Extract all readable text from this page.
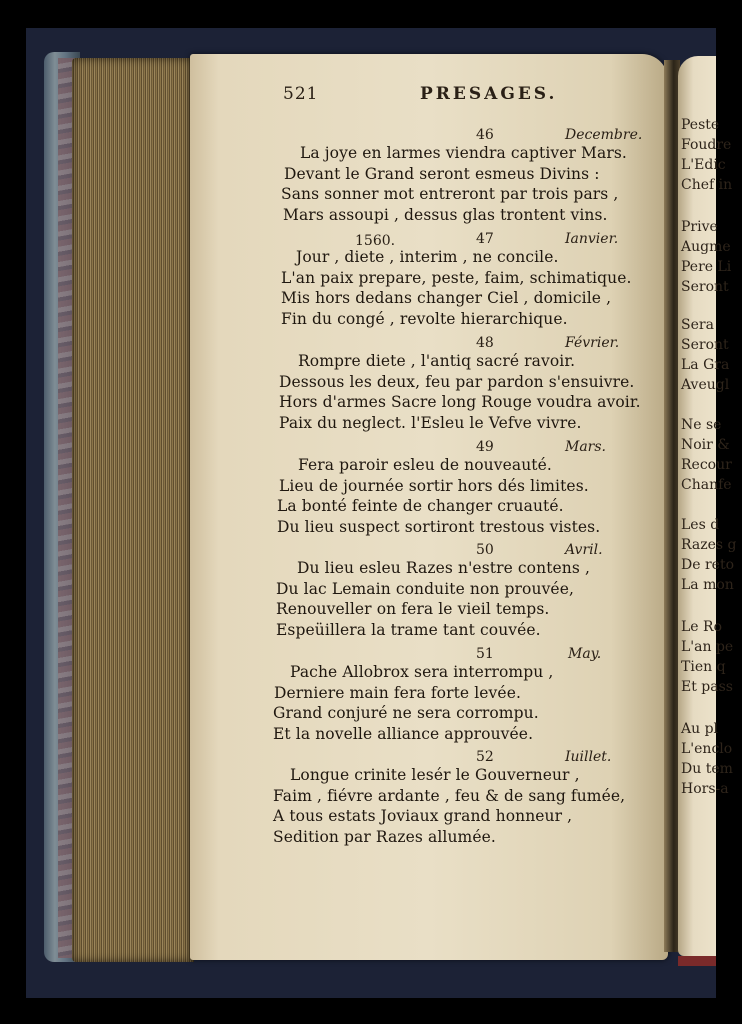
Peste
Foudre
L'Edic
Chef in
Prive
Augme
Pere Li
Seront
Sera
Seront
La Gra
Aveugl
Ne se
Noir &
Recour
Chanfe
Les d
Razes g
De reto
La mon
Le Ro
L'an pe
Tien q
Et pass
Au pl
L'enclo
Du tem
Hors-a
521	PRESAGES.
46	Decembre.
La joye en larmes viendra captiver Mars.
Devant le Grand seront esmeus Divins :
Sans sonner mot entreront par trois pars ,
Mars assoupi , dessus glas trontent vins.
1560.	47	Ianvier.
Jour , diete , interim , ne concile.
L'an paix prepare, peste, faim, schimatique.
Mis hors dedans changer Ciel , domicile ,
Fin du congé , revolte hierarchique.
48	Février.
Rompre diete , l'antiq sacré ravoir.
Dessous les deux, feu par pardon s'ensuivre.
Hors d'armes Sacre long Rouge voudra avoir.
Paix du neglect. l'Esleu le Vefve vivre.
49	Mars.
Fera paroir esleu de nouveauté.
Lieu de journée sortir hors dés limites.
La bonté feinte de changer cruauté.
Du lieu suspect sortiront trestous vistes.
50	Avril.
Du lieu esleu Razes n'estre contens ,
Du lac Lemain conduite non prouvée,
Renouveller on fera le vieil temps.
Espeüillera la trame tant couvée.
51	May.
Pache Allobrox sera interrompu ,
Derniere main fera forte levée.
Grand conjuré ne sera corrompu.
Et la novelle alliance approuvée.
52	Iuillet.
Longue crinite lesér le Gouverneur ,
Faim , fiévre ardante , feu & de sang fumée,
A tous estats Joviaux grand honneur ,
Sedition par Razes allumée.
